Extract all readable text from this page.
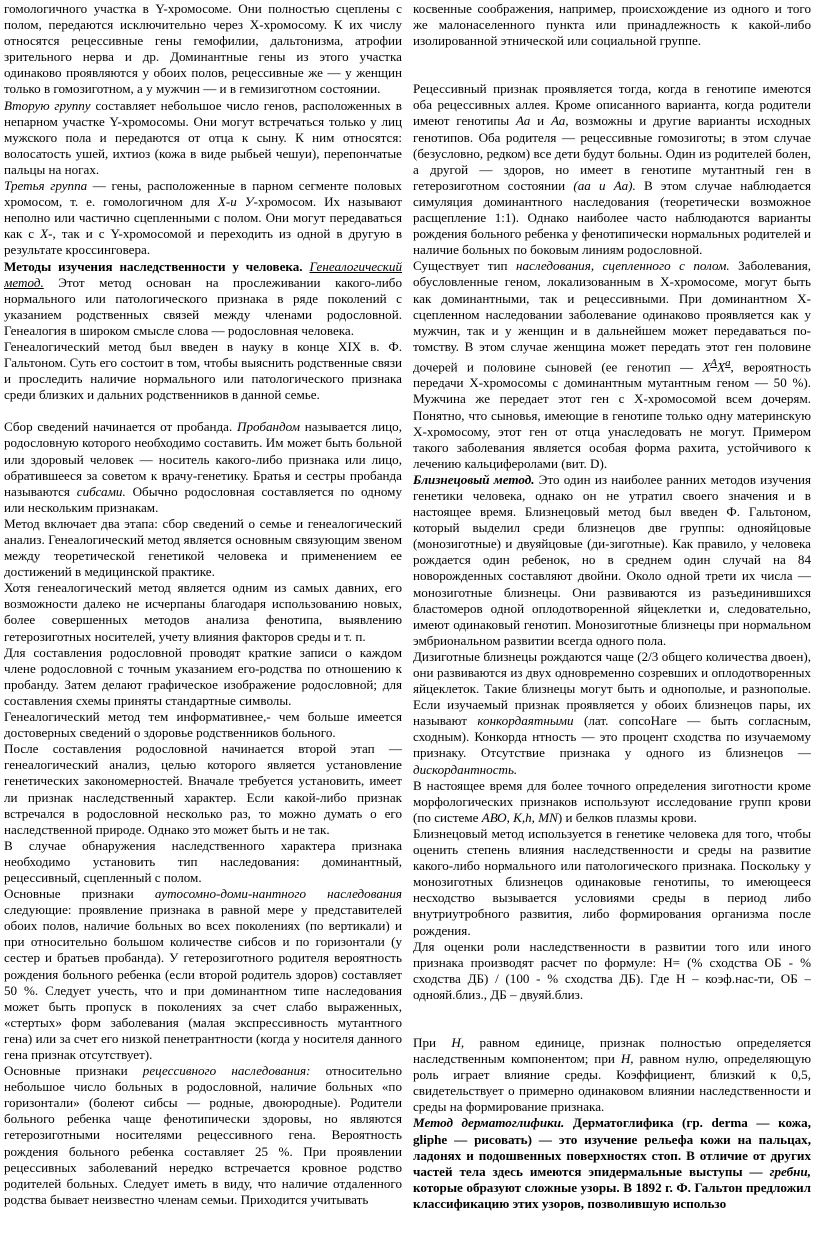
гомологичного участка в Y-хромосоме. Они полностью сцеплены с полом, передаются исключительно через X-хромосому. К их числу относятся рецессивные гены гемофилии, дальтонизма, атрофии зрительного нерва и др. Доминантные гены из этого участка одинаково проявляются у обоих полов, рецессивные же — у женщин только в гомозиготном, а у мужчин — и в гемизиготном состоянии.

Вторую группу составляет небольшое число генов, расположенных в непарном участке Y-хромосомы. Они могут встречаться только у лиц мужского пола и передаются от отца к сыну. К ним относятся: волосатость ушей, ихтиоз (кожа в виде рыбьей чешуи), перепончатые пальцы на ногах.

Третья группа — гены, расположенные в парном сегменте половых хромосом, т. е. гомологичном для X-и У-хромосом. Их называют неполно или частично сцепленными с полом. Они могут передаваться как с X-, так и с Y-хромосомой и переходить из одной в другую в результате кроссинговера.

Методы изучения наследственности у человека. Генеалогический метод. Этот метод основан на прослеживании какого-либо нормального или патологического признака в ряде поколений с указанием родственных связей между членами родословной. Генеалогия в широком смысле слова — родословная человека.

Генеалогический метод был введен в науку в конце XIX в. Ф. Гальтоном. Суть его состоит в том, чтобы выяснить родственные связи и проследить наличие нормального или патологического признака среди близких и дальних родственников в данной семье.

Сбор сведений начинается от пробанда. Пробандом называется лицо, родословную которого необходимо составить. Им может быть больной или здоровый человек — носитель какого-либо признака или лицо, обратившееся за советом к врачу-генетику. Братья и сестры пробанда называются сибсами. Обычно родословная составляется по одному или нескольким признакам.

Метод включает два этапа: сбор сведений о семье и генеалогический анализ. Генеалогический метод является основным связующим звеном между теоретической генетикой человека и применением ее достижений в медицинской практике.

Хотя генеалогический метод является одним из самых давних, его возможности далеко не исчерпаны благодаря использованию новых, более совершенных методов анализа фенотипа, выявлению гетерозиготных носителей, учету влияния факторов среды и т. п.

Для составления родословной проводят краткие записи о каждом члене родословной с точным указанием его-родства по отношению к пробанду. Затем делают графическое изображение родословной; для составления схемы приняты стандартные символы.

Генеалогический метод тем информативнее,- чем больше имеется достоверных сведений о здоровье родственников больного.

После составления родословной начинается второй этап — генеалогический анализ, целью которого является установление генетических закономерностей. Вначале требуется установить, имеет ли признак наследственный характер. Если какой-либо признак встречался в родословной несколько раз, то можно думать о его наследственной природе. Однако это может быть и не так.

В случае обнаружения наследственного характера признака необходимо установить тип наследования: доминантный, рецессивный, сцепленный с полом.

Основные признаки аутосомно-доми-нантного наследования следующие: проявление признака в равной мере у представителей обоих полов, наличие больных во всех поколениях (по вертикали) и при относительно большом количестве сибсов и по горизонтали (у сестер и братьев пробанда). У гетерозиготного родителя вероятность рождения больного ребенка (если второй родитель здоров) составляет 50 %. Следует учесть, что и при доминантном типе наследования может быть пропуск в поколениях за счет слабо выраженных, «стертых» форм заболевания (малая экспрессивность мутантного гена) или за счет его низкой пенетрантности (когда у носителя данного гена признак отсутствует).

Основные признаки рецессивного наследования: относительно небольшое число больных в родословной, наличие больных «по горизонтали» (болеют сибсы — родные, двоюродные). Родители больного ребенка чаще фенотипически здоровы, но являются гетерозиготными носителями рецессивного гена. Вероятность рождения больного ребенка составляет 25 %. При проявлении рецессивных заболеваний нередко встречается кровное родство родителей больных. Следует иметь в виду, что наличие отдаленного родства бывает неизвестно членам семьи. Приходится учитывать

косвенные соображения, например, происхождение из одного и того же малонаселенного пункта или принадлежность к какой-либо изолированной этнической или социальной группе.

Рецессивный признак проявляется тогда, когда в генотипе имеются оба рецессивных аллея. Кроме описанного варианта, когда родители имеют генотипы Аа и Аа, возможны и другие варианты исходных генотипов. Оба родителя — рецессивные гомозиготы; в этом случае (безусловно, редком) все дети будут больны. Один из родителей болен, а другой — здоров, но имеет в генотипе мутантный ген в гетерозиготном состоянии (аа и Аа). В этом случае наблюдается симуляция доминантного наследования (теоретически возможное расщепление 1:1). Однако наиболее часто наблюдаются варианты рождения больного ребенка у фенотипически нормальных родителей и наличие больных по боковым линиям родословной.

Существует тип наследования, сцепленного с полом. Заболевания, обусловленные геном, локализованным в X-хромосоме, могут быть как доминантными, так и рецессивными. При доминантном X-сцепленном наследовании заболевание одинаково проявляется как у мужчин, так и у женщин и в дальнейшем может передаваться по-томству. В этом случае женщина может передать этот ген половине дочерей и половине сыновей (ее генотип — $X^AX^a$, вероятность передачи X-хромосомы с доминантным мутантным геном — 50 %). Мужчина же передает этот ген с X-хромосомой всем дочерям. Понятно, что сыновья, имеющие в генотипе только одну материнскую X-хромосому, этот ген от отца унаследовать не могут. Примером такого заболевания является особая форма рахита, устойчивого к лечению кальциферолами (вит. D).

Близнецовый метод. Это один из наиболее ранних методов изучения генетики человека, однако он не утратил своего значения и в настоящее время. Близнецовый метод был введен Ф. Гальтоном, который выделил среди близнецов две группы: однояйцовые (монозиготные) и двуяйцовые (ди-зиготные). Как правило, у человека рождается один ребенок, но в среднем один случай на 84 новорожденных составляют двойни. Около одной трети их числа — монозиготные близнецы. Они развиваются из разъединившихся бластомеров одной оплодотворенной яйцеклетки и, следовательно, имеют одинаковый генотип. Монозиготные близнецы при нормальном эмбриональном развитии всегда одного пола.

Дизиготные близнецы рождаются чаще (2/3 общего количества двоен), они развиваются из двух одновременно созревших и оплодотворенных яйцеклеток. Такие близнецы могут быть и однополые, и разнополые. Если изучаемый признак проявляется у обоих близнецов пары, их называют конкордаятными (лат. сопсоНаге — быть согласным, сходным). Конкорда нтность — это процент сходства по изучаемому признаку. Отсутствие признака у одного из близнецов — дискордантность.

В настоящее время для более точного определения зиготности кроме морфологических признаков используют исследование групп крови (по системе АВО, K,h, MN) и белков плазмы крови.

Близнецовый метод используется в генетике человека для того, чтобы оценить степень влияния наследственности и среды на развитие какого-либо нормального или патологического признака. Поскольку у монозиготных близнецов одинаковые генотипы, то имеющееся несходство вызывается условиями среды в период либо внутриутробного развития, либо формирования организма после рождения.

Для оценки роли наследственности в развитии того или иного признака производят расчет по формуле: Н= (% сходства ОБ - % сходства ДБ) / (100 - % сходства ДБ). Где Н – коэф.нас-ти, ОБ – однояй.близ., ДБ – двуяй.близ.

При Н, равном единице, признак полностью определяется наследственным компонентом; при Н, равном нулю, определяющую роль играет влияние среды. Коэффициент, близкий к 0,5, свидетельствует о примерно одинаковом влиянии наследственности и среды на формирование признака.

Метод дерматоглифики. Дерматоглифика (гр. derma — кожа, gliphe — рисовать) — это изучение рельефа кожи на пальцах, ладонях и подошвенных поверхностях стоп. В отличие от других частей тела здесь имеются эпидермальные выступы — гребни, которые образуют сложные узоры. В 1892 г. Ф. Гальтон предложил классификацию этих узоров, позволившую использо
